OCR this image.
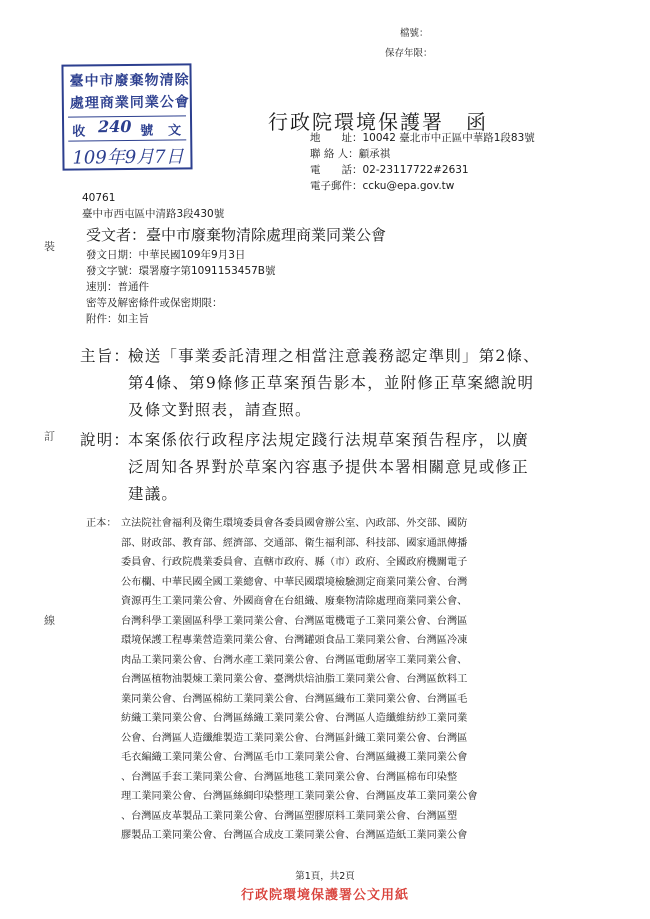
檔號：
保存年限：
臺中市廢棄物清除
處理商業同業公會
收 240 號 文
109年9月7日
行政院環境保護署 函
地　　址：10042 臺北市中正區中華路1段83號
聯 絡 人：顧承祺
電　　話：02-23117722#2631
電子郵件：ccku@epa.gov.tw
40761
臺中市西屯區中清路3段430號
受文者：臺中市廢棄物清除處理商業同業公會
發文日期：中華民國109年9月3日
發文字號：環署廢字第1091153457B號
速別：普通件
密等及解密條件或保密期限：
附件：如主旨
主旨：
檢送「事業委託清理之相當注意義務認定準則」第2條、
第4條、第9條修正草案預告影本，並附修正草案總說明
及條文對照表，請查照。
說明：
本案係依行政程序法規定踐行法規草案預告程序，以廣
泛周知各界對於草案內容惠予提供本署相關意見或修正
建議。
正本： 立法院社會福利及衛生環境委員會各委員國會辦公室、內政部、外交部、國防
部、財政部、教育部、經濟部、交通部、衛生福利部、科技部、國家通訊傳播
委員會、行政院農業委員會、直轄市政府、縣（市）政府、全國政府機關電子
公布欄、中華民國全國工業總會、中華民國環境檢驗測定商業同業公會、台灣
資源再生工業同業公會、外國商會在台組織、廢棄物清除處理商業同業公會、
台灣科學工業園區科學工業同業公會、台灣區電機電子工業同業公會、台灣區
環境保護工程專業營造業同業公會、台灣罐頭食品工業同業公會、台灣區冷凍
肉品工業同業公會、台灣水產工業同業公會、台灣區電動屠宰工業同業公會、
台灣區植物油製煉工業同業公會、臺灣烘焙油脂工業同業公會、台灣區飲料工
業同業公會、台灣區棉紡工業同業公會、台灣區織布工業同業公會、台灣區毛
紡織工業同業公會、台灣區絲織工業同業公會、台灣區人造纖維紡紗工業同業
公會、台灣區人造纖維製造工業同業公會、台灣區針織工業同業公會、台灣區
毛衣編織工業同業公會、台灣區毛巾工業同業公會、台灣區織襪工業同業公會
、台灣區手套工業同業公會、台灣區地毯工業同業公會、台灣區棉布印染整
理工業同業公會、台灣區絲綢印染整理工業同業公會、台灣區皮革工業同業公會
、台灣區皮革製品工業同業公會、台灣區塑膠原料工業同業公會、台灣區塑
膠製品工業同業公會、台灣區合成皮工業同業公會、台灣區造紙工業同業公會
裝
訂
線
第1頁，共2頁
行政院環境保護署公文用紙
